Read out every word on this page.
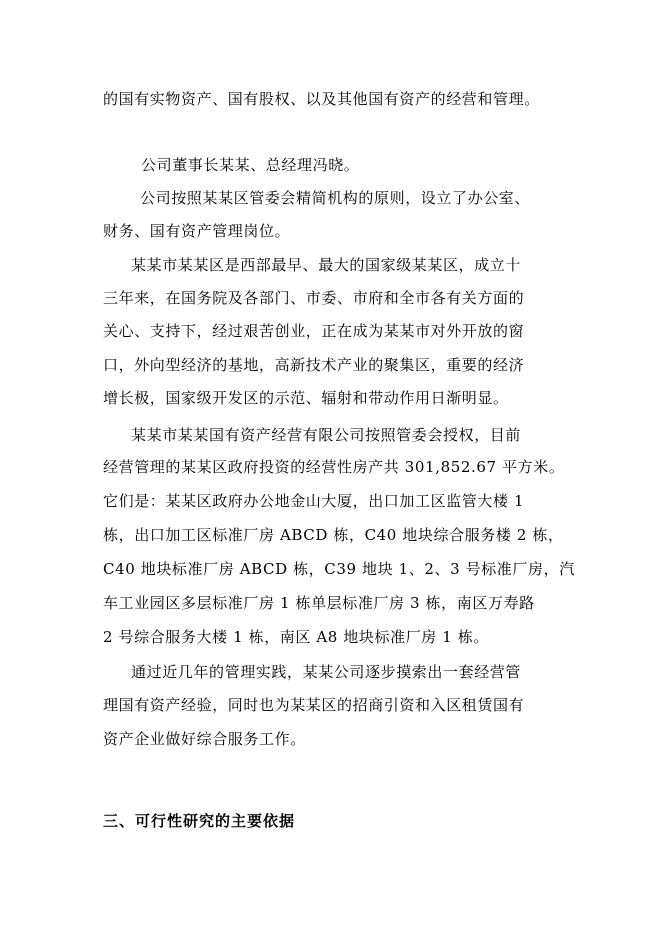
的国有实物资产、国有股权、以及其他国有资产的经营和管理。
公司董事长某某、总经理冯晓。
公司按照某某区管委会精简机构的原则，设立了办公室、
财务、国有资产管理岗位。
某某市某某区是西部最早、最大的国家级某某区，成立十
三年来，在国务院及各部门、市委、市府和全市各有关方面的
关心、支持下，经过艰苦创业，正在成为某某市对外开放的窗
口，外向型经济的基地，高新技术产业的聚集区，重要的经济
增长极，国家级开发区的示范、辐射和带动作用日渐明显。
某某市某某国有资产经营有限公司按照管委会授权，目前
经营管理的某某区政府投资的经营性房产共 301,852.67 平方米。
它们是：某某区政府办公地金山大厦，出口加工区监管大楼 1
栋，出口加工区标准厂房 ABCD 栋，C40 地块综合服务楼 2 栋，
C40 地块标准厂房 ABCD 栋，C39 地块 1、2、3 号标准厂房，汽
车工业园区多层标准厂房 1 栋单层标准厂房 3 栋，南区万寿路
2 号综合服务大楼 1 栋，南区 A8 地块标准厂房 1 栋。
通过近几年的管理实践，某某公司逐步摸索出一套经营管
理国有资产经验，同时也为某某区的招商引资和入区租赁国有
资产企业做好综合服务工作。
三、可行性研究的主要依据
